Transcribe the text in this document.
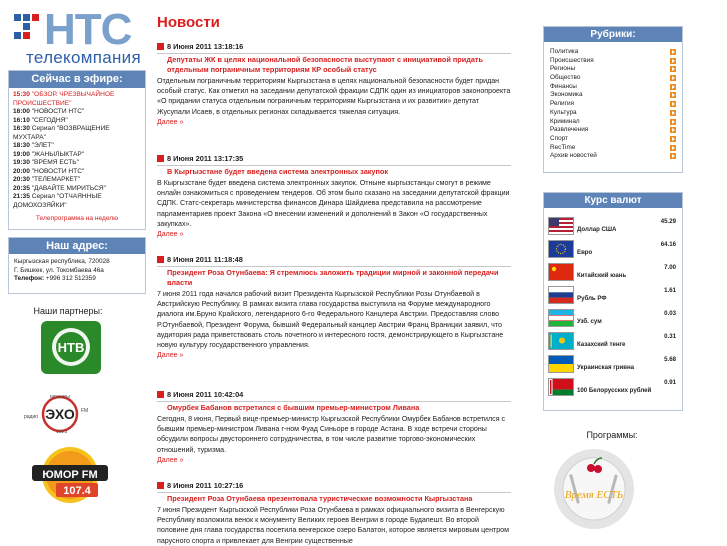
НТС
телекомпания
Сейчас в эфире:
15:30 "ОБЗОР. ЧРЕЗВЫЧАЙНОЕ ПРОИСШЕСТВИЕ"
16:00 "НОВОСТИ НТС"
16:10 "СЕГОДНЯ"
16:30 Сериал "ВОЗВРАЩЕНИЕ МУХТАРА"
18:30 "ЭЛЕТ"
19:00 "ЖАНЫЛЫКТАР"
19:30 "ВРЕМЯ ЕСТЬ"
20:00 "НОВОСТИ НТС"
20:30 "ТЕЛЕМАРКЕТ"
20:35 "ДАВАЙТЕ МИРИТЬСЯ"
21:35 Сериал "ОТЧАЯННЫЕ ДОМОХОЗЯЙКИ"
Телепрограмма на неделю
Наш адрес:
Кыргызская республика, 720028
Г. Бишкек, ул. Токомбаева 46а
Телефон: +996 312 512359
Наши партнеры:
НТВ
радио ЭХО
МОСКВЫ
FM
101.3
ЮМОР FM
107.4
Новости
8 Июня 2011 13:18:16
Депутаты ЖК в целях национальной безопасности выступают с инициативой придать отдельным пограничным территориям КР особый статус
Отдельным пограничным территориям Кыргызстана в целях национальной безопасности будет придан особый статус. Как отметил на заседании депутатской фракции СДПК один из инициаторов законопроекта «О придании статуса отдельным пограничным территориям Кыргызстана и их развитии» депутат Жусупали Исаев, в отдельных регионах складывается тяжелая ситуация.
Далее »
8 Июня 2011 13:17:35
В Кыргызстане будет введена система электронных закупок
В Кыргызстане будет введена система электронных закупок. Отныне кыргызстанцы смогут в режиме онлайн ознакомиться с проведением тендеров. Об этом было сказано на заседании депутатской фракции СДПК. Статс-секретарь министерства финансов Динара Шайдиева представила на рассмотрение парламентариев проект Закона «О внесении изменений и дополнений в Закон «О государственных закупках».
Далее »
8 Июня 2011 11:18:48
Президент Роза Отунбаева: Я стремлюсь заложить традиции мирной и законной передачи власти
7 июня 2011 года начался рабочий визит Президента Кыргызской Республики Розы Отунбаевой в Австрийскую Республику. В рамках визита глава государства выступила на Форуме международного диалога им.Бруно Крайского, легендарного 6-го Федерального Канцлера Австрии. Предоставляя слово Р.Отунбаевой, Президент Форума, бывший Федеральный канцлер Австрии Франц Враницки заявил, что аудитория рада приветствовать столь почетного и интересного гостя, демонстрирующего в Кыргызстане новую культуру государственного управления.
Далее »
8 Июня 2011 10:42:04
Омурбек Бабанов встретился с бывшим премьер-министром Ливана
Сегодня, 8 июня, Первый вице-премьер-министр Кыргызской Республики Омурбек Бабанов встретился с бывшим премьер-министром Ливана г-ном Фуад Синьоре в городе Астана. В ходе встречи стороны обсудили вопросы двустороннего сотрудничества, в том числе развитие торгово-экономических отношений, туризма.
Далее »
8 Июня 2011 10:27:16
Президент Роза Отунбаева презентовала туристические возможности Кыргызстана
7 июня Президент Кыргызской Республики Роза Отунбаева в рамках официального визита в Венгерскую Республику возложила венок к монументу Великих героев Венгрии в городе Будапешт. Во второй половине дня глава государства посетила венгерское озеро Балатон, которое является мировым центром парусного спорта и привлекает для Венгрии существенные
Рубрики:
Политика
Происшествия
Регионы
Общество
Финансы
Экономика
Религия
Культура
Криминал
Развлечения
Спорт
RecTime
Архив новостей
Курс валют
Доллар США
45.29
Евро
64.16
Китайский юань
7.00
Рубль РФ
1.61
Узб. сум
0.03
Казахский тенге
0.31
Украинская гривна
5.68
100 Белорусских рублей
0.91
Программы:
Время ЕСТЬ
